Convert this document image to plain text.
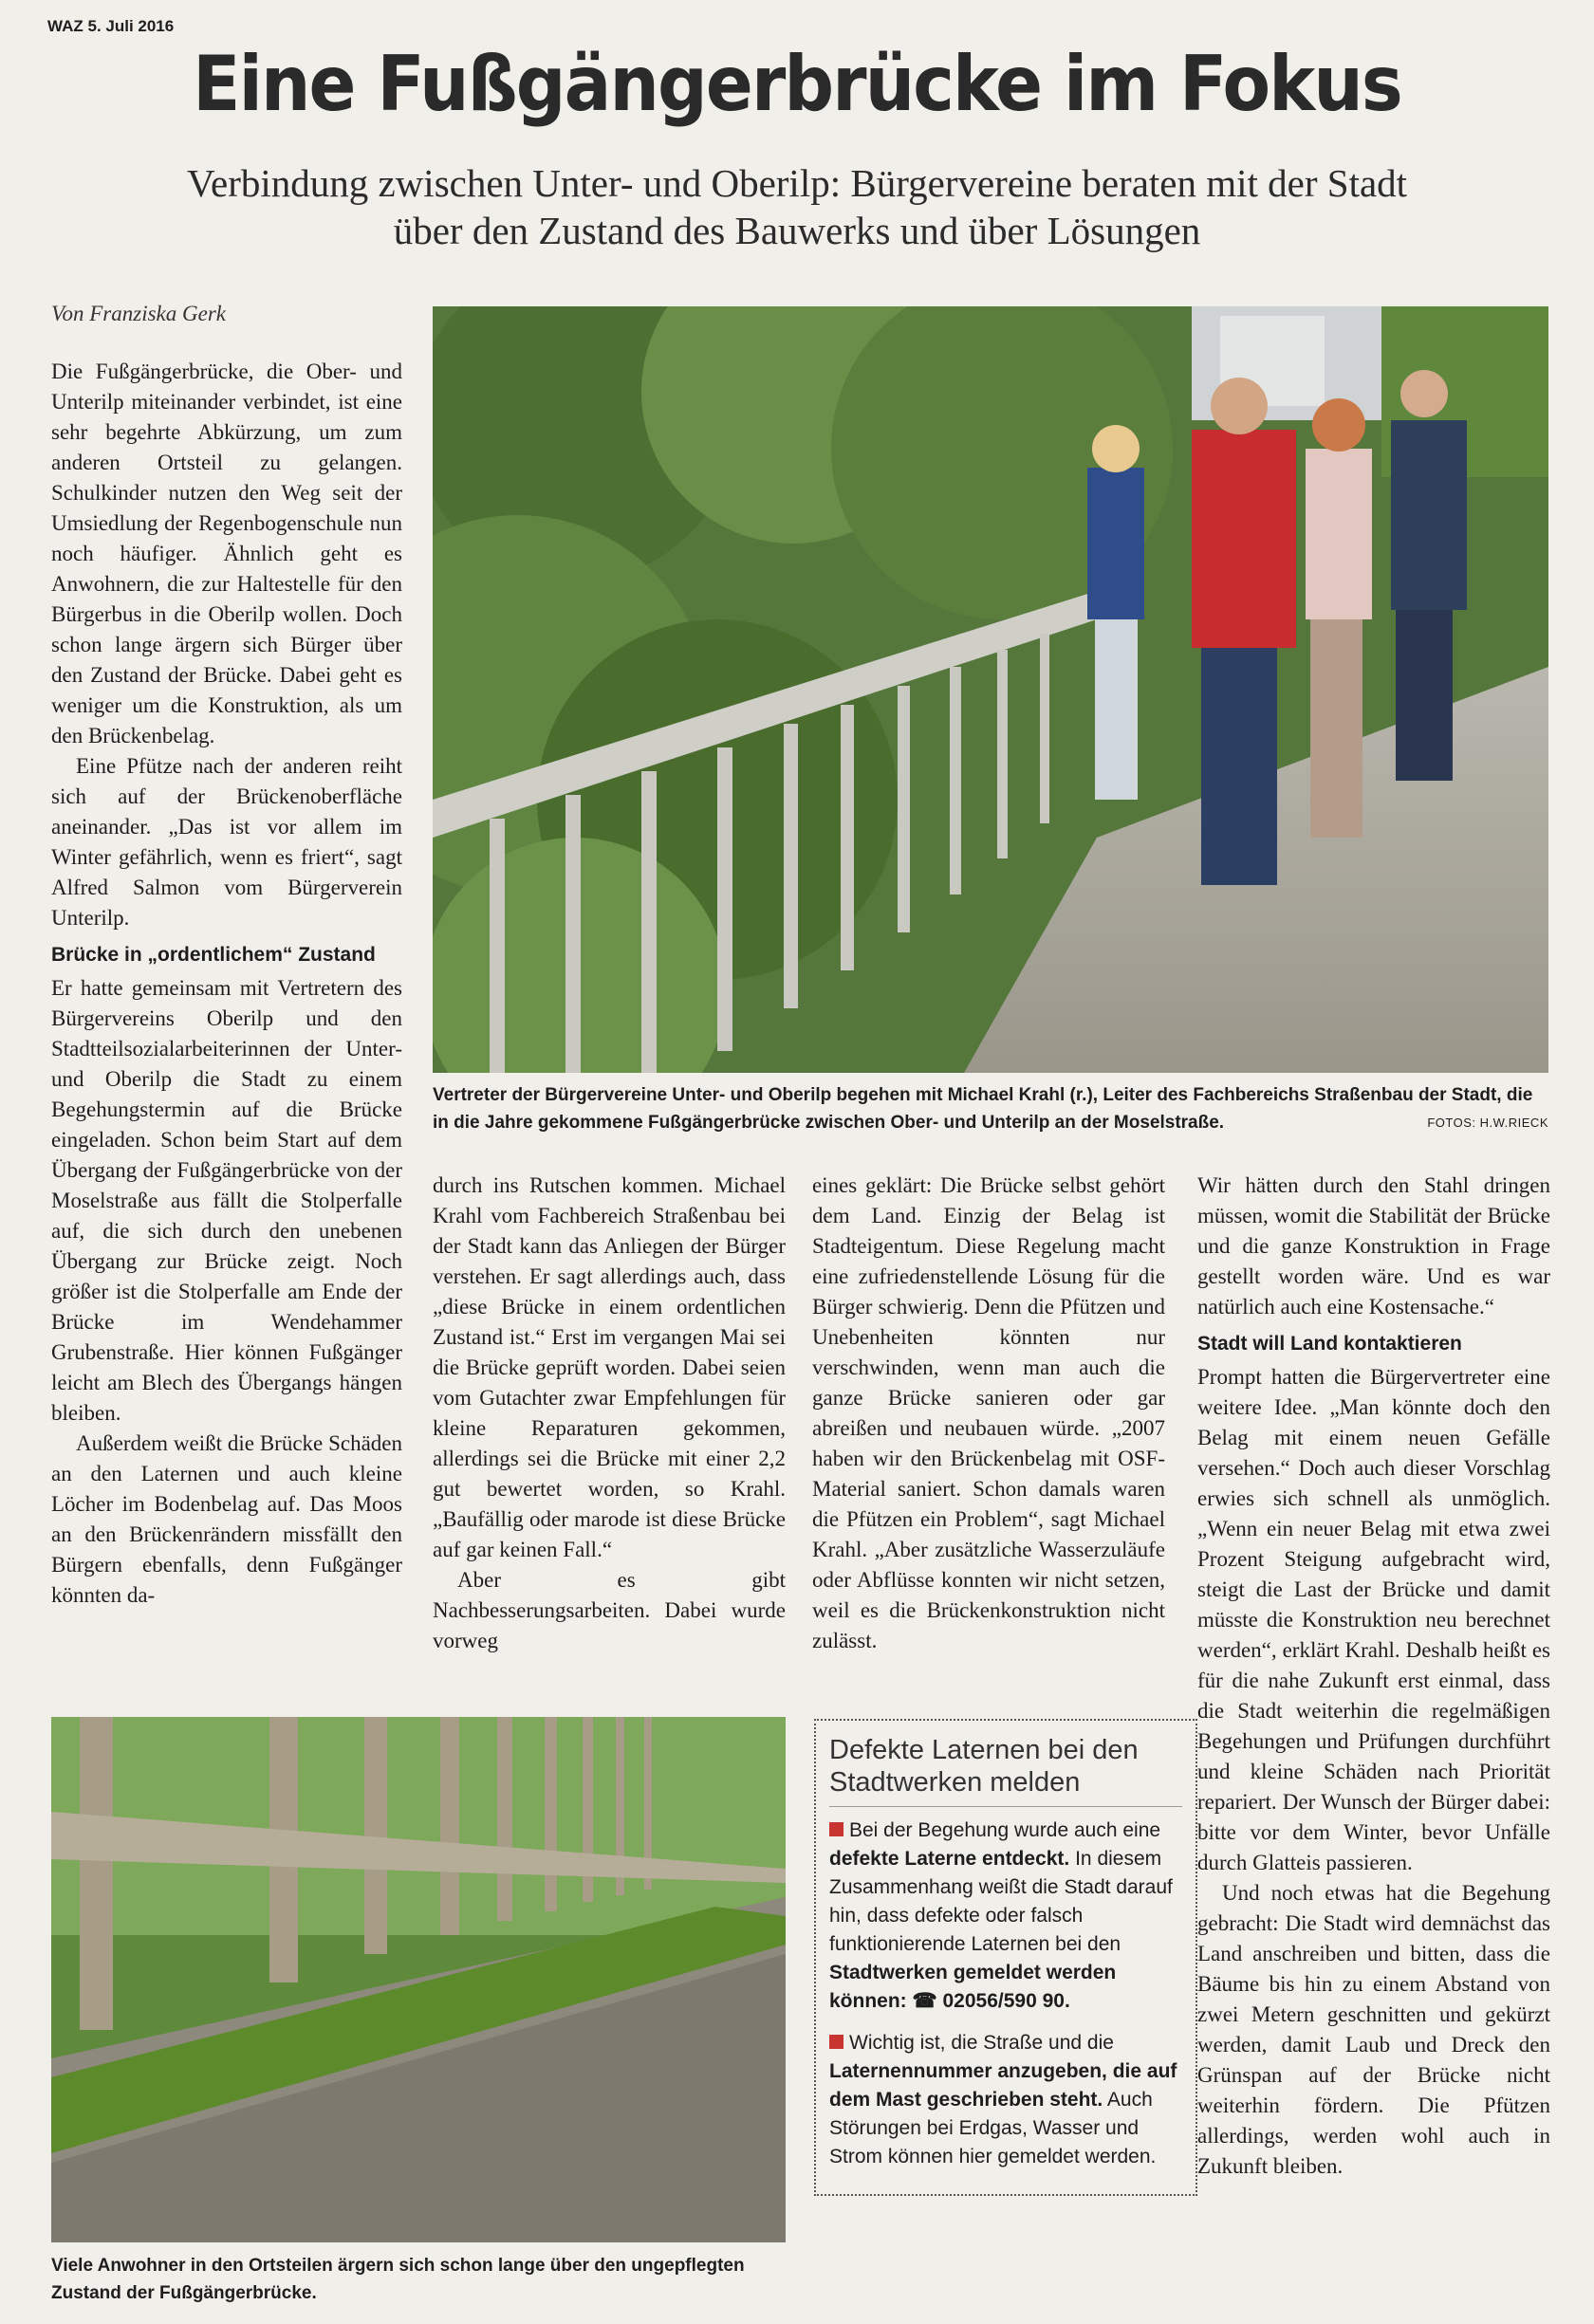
WAZ 5. Juli 2016
Eine Fußgängerbrücke im Fokus
Verbindung zwischen Unter- und Oberilp: Bürgervereine beraten mit der Stadt über den Zustand des Bauwerks und über Lösungen
Von Franziska Gerk

Die Fußgängerbrücke, die Ober- und Unterilp miteinander verbindet, ist eine sehr begehrte Abkürzung, um zum anderen Ortsteil zu gelangen. Schulkinder nutzen den Weg seit der Umsiedlung der Regenbogenschule nun noch häufiger. Ähnlich geht es Anwohnern, die zur Haltestelle für den Bürgerbus in die Oberilp wollen. Doch schon lange ärgern sich Bürger über den Zustand der Brücke. Dabei geht es weniger um die Konstruktion, als um den Brückenbelag.

Eine Pfütze nach der anderen reiht sich auf der Brückenoberfläche aneinander. „Das ist vor allem im Winter gefährlich, wenn es friert“, sagt Alfred Salmon vom Bürgerverein Unterilp.

Brücke in „ordentlichem“ Zustand

Er hatte gemeinsam mit Vertretern des Bürgervereins Oberilp und den Stadtteilsozialarbeiterinnen der Unter- und Oberilp die Stadt zu einem Begehungstermin auf die Brücke eingeladen. Schon beim Start auf dem Übergang der Fußgängerbrücke von der Moselstraße aus fällt die Stolperfalle auf, die sich durch den unebenen Übergang zur Brücke zeigt. Noch größer ist die Stolperfalle am Ende der Brücke im Wendehammer Grubenstraße. Hier können Fußgänger leicht am Blech des Übergangs hängen bleiben.

Außerdem weißt die Brücke Schäden an den Laternen und auch kleine Löcher im Bodenbelag auf. Das Moos an den Brückenrändern missfällt den Bürgern ebenfalls, denn Fußgänger könnten da-

Vertreter der Bürgervereine Unter- und Oberilp begehen mit Michael Krahl (r.), Leiter des Fachbereichs Straßenbau der Stadt, die in die Jahre gekommene Fußgängerbrücke zwischen Ober- und Unterilp an der Moselstraße.	FOTOS: H.W.RIECK

durch ins Rutschen kommen. Michael Krahl vom Fachbereich Straßenbau bei der Stadt kann das Anliegen der Bürger verstehen. Er sagt allerdings auch, dass „diese Brücke in einem ordentlichen Zustand ist.“ Erst im vergangen Mai sei die Brücke geprüft worden. Dabei seien vom Gutachter zwar Empfehlungen für kleine Reparaturen gekommen, allerdings sei die Brücke mit einer 2,2 gut bewertet worden, so Krahl. „Baufällig oder marode ist diese Brücke auf gar keinen Fall.“

Aber es gibt Nachbesserungsarbeiten. Dabei wurde vorweg

eines geklärt: Die Brücke selbst gehört dem Land. Einzig der Belag ist Stadteigentum. Diese Regelung macht eine zufriedenstellende Lösung für die Bürger schwierig. Denn die Pfützen und Unebenheiten könnten nur verschwinden, wenn man auch die ganze Brücke sanieren oder gar abreißen und neubauen würde. „2007 haben wir den Brückenbelag mit OSF-Material saniert. Schon damals waren die Pfützen ein Problem“, sagt Michael Krahl. „Aber zusätzliche Wasserzuläufe oder Abflüsse konnten wir nicht setzen, weil es die Brückenkonstruktion nicht zulässt.

Wir hätten durch den Stahl dringen müssen, womit die Stabilität der Brücke und die ganze Konstruktion in Frage gestellt worden wäre. Und es war natürlich auch eine Kostensache.“

Stadt will Land kontaktieren

Prompt hatten die Bürgervertreter eine weitere Idee. „Man könnte doch den Belag mit einem neuen Gefälle versehen.“ Doch auch dieser Vorschlag erwies sich schnell als unmöglich. „Wenn ein neuer Belag mit etwa zwei Prozent Steigung aufgebracht wird, steigt die Last der Brücke und damit müsste die Konstruktion neu berechnet werden“, erklärt Krahl. Deshalb heißt es für die nahe Zukunft erst einmal, dass die Stadt weiterhin die regelmäßigen Begehungen und Prüfungen durchführt und kleine Schäden nach Priorität repariert. Der Wunsch der Bürger dabei: bitte vor dem Winter, bevor Unfälle durch Glatteis passieren.

Und noch etwas hat die Begehung gebracht: Die Stadt wird demnächst das Land anschreiben und bitten, dass die Bäume bis hin zu einem Abstand von zwei Metern geschnitten und gekürzt werden, damit Laub und Dreck den Grünspan auf der Brücke nicht weiterhin fördern. Die Pfützen allerdings, werden wohl auch in Zukunft bleiben.

Viele Anwohner in den Ortsteilen ärgern sich schon lange über den ungepflegten Zustand der Fußgängerbrücke.
Defekte Laternen bei den Stadtwerken melden

Bei der Begehung wurde auch eine defekte Laterne entdeckt. In diesem Zusammenhang weißt die Stadt darauf hin, dass defekte oder falsch funktionierende Laternen bei den Stadtwerken gemeldet werden können: ☎ 02056/590 90.

Wichtig ist, die Straße und die Laternennummer anzugeben, die auf dem Mast geschrieben steht. Auch Störungen bei Erdgas, Wasser und Strom können hier gemeldet werden.
